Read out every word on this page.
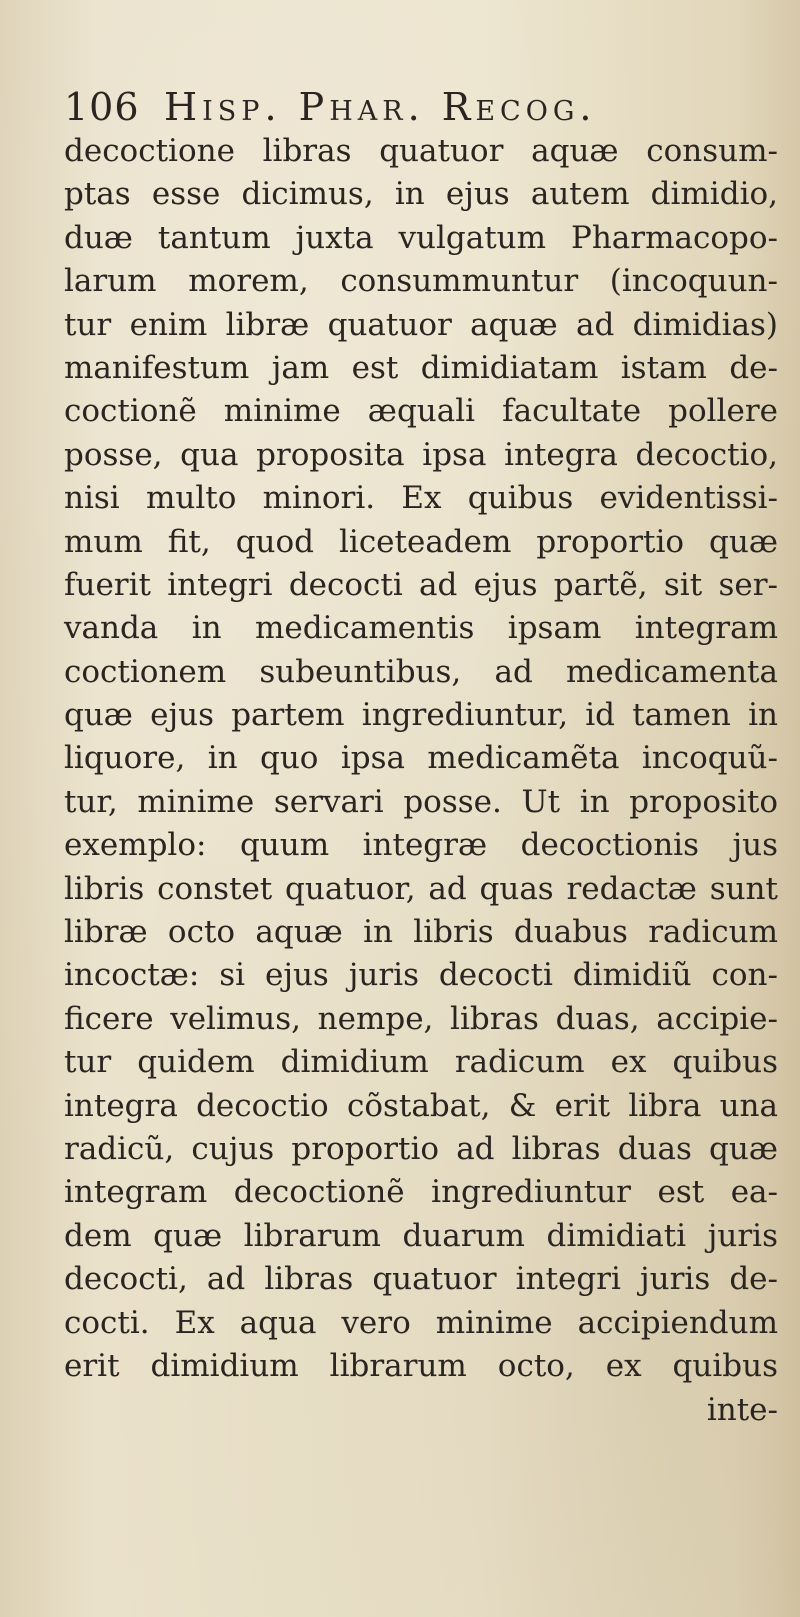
106 Hisp. Phar. Recog.
decoctione libras quatuor aquæ consum-
ptas esse dicimus, in ejus autem dimidio,
duæ tantum juxta vulgatum Pharmacopo-
larum morem, consummuntur (incoquun-
tur enim libræ quatuor aquæ ad dimidias)
manifestum jam est dimidiatam istam de-
coctionẽ minime æquali facultate pollere
posse, qua proposita ipsa integra decoctio,
nisi multo minori. Ex quibus evidentissi-
mum fit, quod liceteadem proportio quæ
fuerit integri decocti ad ejus partẽ, sit ser-
vanda in medicamentis ipsam integram
coctionem subeuntibus, ad medicamenta
quæ ejus partem ingrediuntur, id tamen in
liquore, in quo ipsa medicamẽta incoquũ-
tur, minime servari posse. Ut in proposito
exemplo: quum integræ decoctionis jus
libris constet quatuor, ad quas redactæ sunt
libræ octo aquæ in libris duabus radicum
incoctæ: si ejus juris decocti dimidiũ con-
ficere velimus, nempe, libras duas, accipie-
tur quidem dimidium radicum ex quibus
integra decoctio cõstabat, & erit libra una
radicũ, cujus proportio ad libras duas quæ
integram decoctionẽ ingrediuntur est ea-
dem quæ librarum duarum dimidiati juris
decocti, ad libras quatuor integri juris de-
cocti. Ex aqua vero minime accipiendum
erit dimidium librarum octo, ex quibus
inte-
